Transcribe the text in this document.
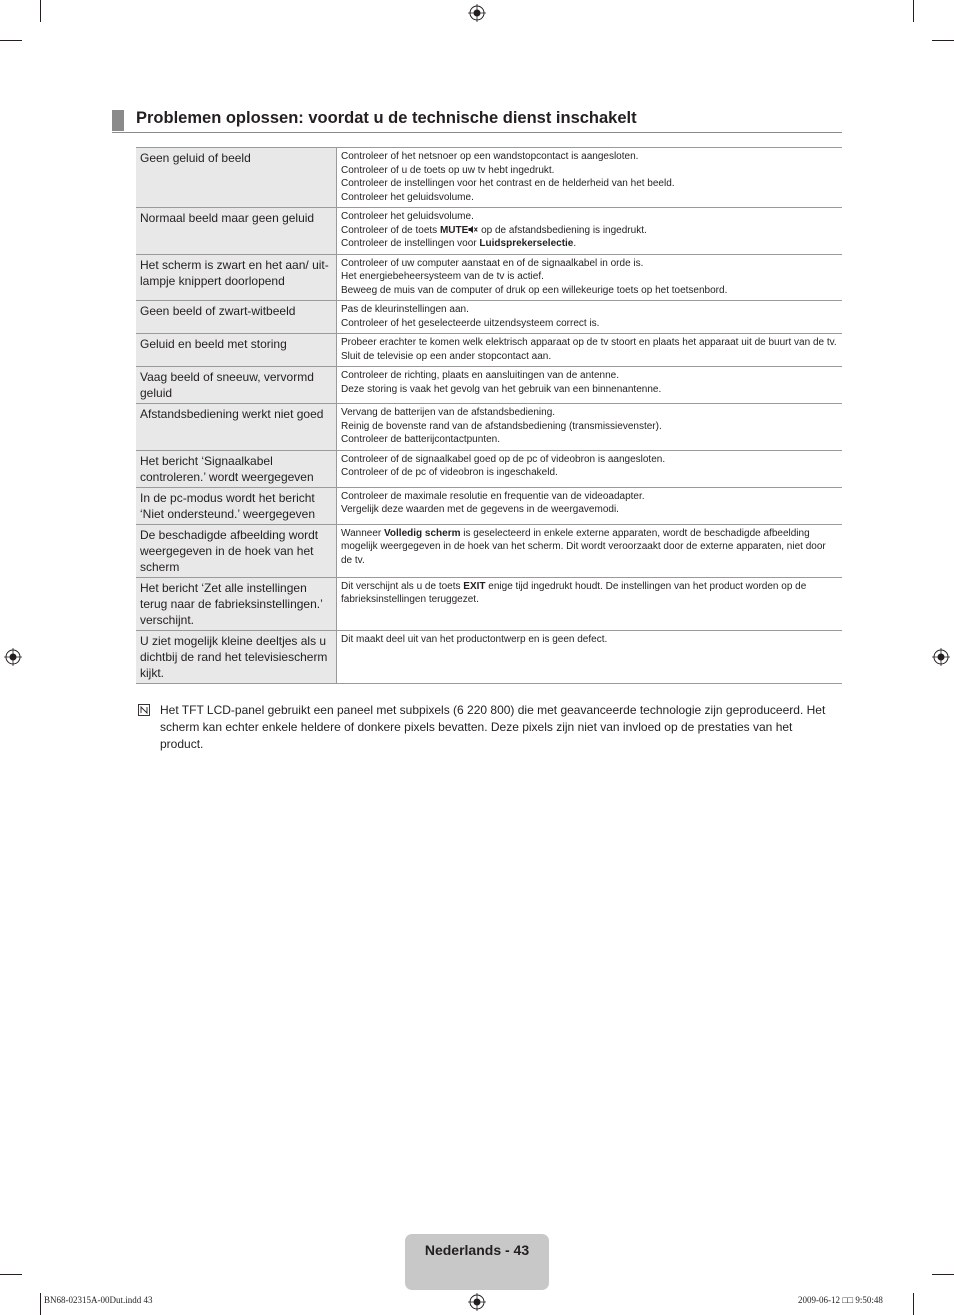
Problemen oplossen: voordat u de technische dienst inschakelt
Geen geluid of beeld	Controleer of het netsnoer op een wandstopcontact is aangesloten.
Controleer of u de toets op uw tv hebt ingedrukt.
Controleer de instellingen voor het contrast en de helderheid van het beeld.
Controleer het geluidsvolume.

Normaal beeld maar geen geluid	Controleer het geluidsvolume.
Controleer of de toets MUTE op de afstandsbediening is ingedrukt.
Controleer de instellingen voor Luidsprekerselectie.

Het scherm is zwart en het aan/ uit-lampje knippert doorlopend	Controleer of uw computer aanstaat en of de signaalkabel in orde is.
Het energiebeheersysteem van de tv is actief.
Beweeg de muis van de computer of druk op een willekeurige toets op het toetsenbord.

Geen beeld of zwart-witbeeld	Pas de kleurinstellingen aan.
Controleer of het geselecteerde uitzendsysteem correct is.

Geluid en beeld met storing	Probeer erachter te komen welk elektrisch apparaat op de tv stoort en plaats het apparaat uit de buurt van de tv.
Sluit de televisie op een ander stopcontact aan.

Vaag beeld of sneeuw, vervormd geluid	Controleer de richting, plaats en aansluitingen van de antenne.
Deze storing is vaak het gevolg van het gebruik van een binnenantenne.

Afstandsbediening werkt niet goed	Vervang de batterijen van de afstandsbediening.
Reinig de bovenste rand van de afstandsbediening (transmissievenster).
Controleer de batterijcontactpunten.

Het bericht ‘Signaalkabel controleren.’ wordt weergegeven	Controleer of de signaalkabel goed op de pc of videobron is aangesloten.
Controleer of de pc of videobron is ingeschakeld.

In de pc-modus wordt het bericht ‘Niet ondersteund.’ weergegeven	Controleer de maximale resolutie en frequentie van de videoadapter.
Vergelijk deze waarden met de gegevens in de weergavemodi.

De beschadigde afbeelding wordt weergegeven in de hoek van het scherm	Wanneer Volledig scherm is geselecteerd in enkele externe apparaten, wordt de beschadigde afbeelding mogelijk weergegeven in de hoek van het scherm. Dit wordt veroorzaakt door de externe apparaten, niet door de tv.

Het bericht ‘Zet alle instellingen terug naar de fabrieksinstellingen.’ verschijnt.	Dit verschijnt als u de toets EXIT enige tijd ingedrukt houdt. De instellingen van het product worden op de fabrieksinstellingen teruggezet.

U ziet mogelijk kleine deeltjes als u dichtbij de rand het televisiescherm kijkt.	Dit maakt deel uit van het productontwerp en is geen defect.

Het TFT LCD-panel gebruikt een paneel met subpixels (6 220 800) die met geavanceerde technologie zijn geproduceerd. Het scherm kan echter enkele heldere of donkere pixels bevatten. Deze pixels zijn niet van invloed op de prestaties van het product.

Nederlands - 43
BN68-02315A-00Dut.indd 43	2009-06-12 □□ 9:50:48
